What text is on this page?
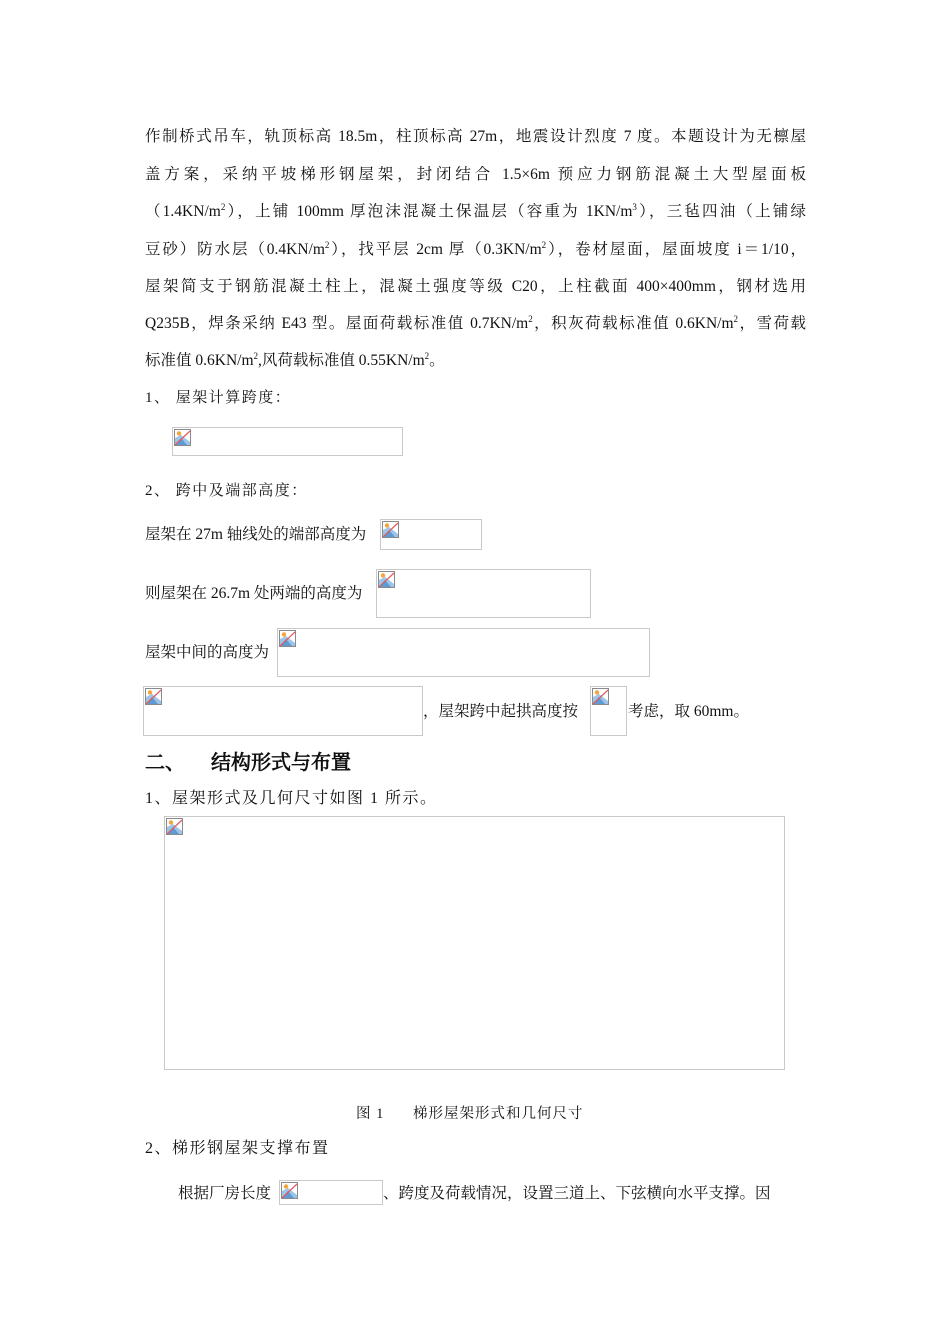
作制桥式吊车，轨顶标高 18.5m，柱顶标高 27m，地震设计烈度 7 度。本题设计为无檩屋
盖方案，采纳平坡梯形钢屋架，封闭结合 1.5×6m 预应力钢筋混凝土大型屋面板
$(1.4KN/m^2)$，上铺 100mm 厚泡沫混凝土保温层（容重为 $1KN/m^3$），三毡四油（上铺绿
豆砂）防水层$(0.4KN/m^2)$，找平层 2cm 厚$(0.3KN/m^2)$，卷材屋面，屋面坡度 i＝1/10，
屋架简支于钢筋混凝土柱上，混凝土强度等级 C20，上柱截面 400×400mm，钢材选用
Q235B，焊条采纳 E43 型。屋面荷载标准值 $0.7KN/m^2$，积灰荷载标准值 $0.6KN/m^2$，雪荷载
标准值 $0.6KN/m^2$,风荷载标准值 $0.55KN/m^2$。
1、 屋架计算跨度：
2、 跨中及端部高度：
屋架在 27m 轴线处的端部高度为
则屋架在 26.7m 处两端的高度为
屋架中间的高度为
，屋架跨中起拱高度按	考虑，取 60mm。
二、 结构形式与布置
1、屋架形式及几何尺寸如图 1 所示。
图 1 梯形屋架形式和几何尺寸
2、梯形钢屋架支撑布置
根据厂房长度	、跨度及荷载情况，设置三道上、下弦横向水平支撑。因
